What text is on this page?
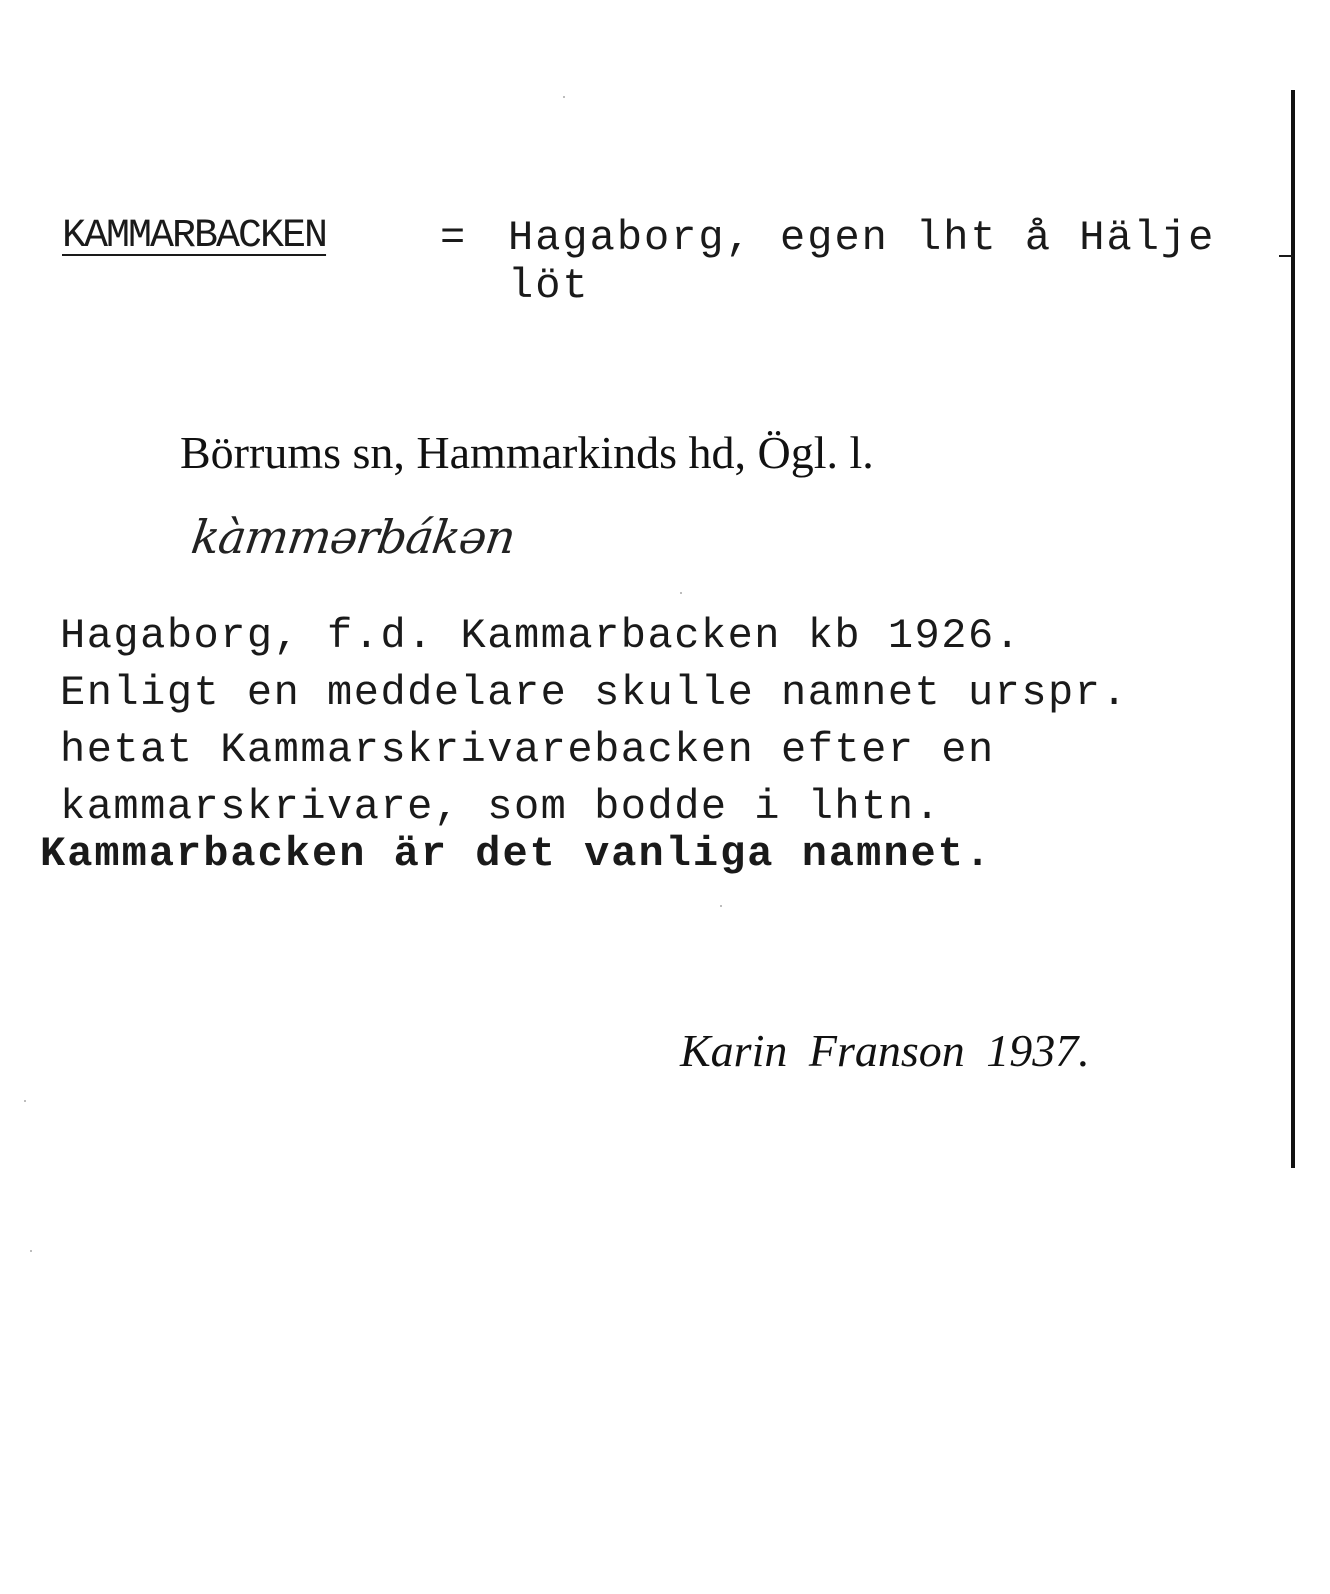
KAMMARBACKEN	= Hagaborg, egen lht å Hälje
löt
Börrums sn, Hammarkinds hd, Ögl. l.
kàmmərbákən
Hagaborg, f.d. Kammarbacken kb 1926.
Enligt en meddelare skulle namnet urspr.
hetat Kammarskrivarebacken efter en
kammarskrivare, som bodde i lhtn.
Kammarbacken är det vanliga namnet.
Karin Franson 1937.
